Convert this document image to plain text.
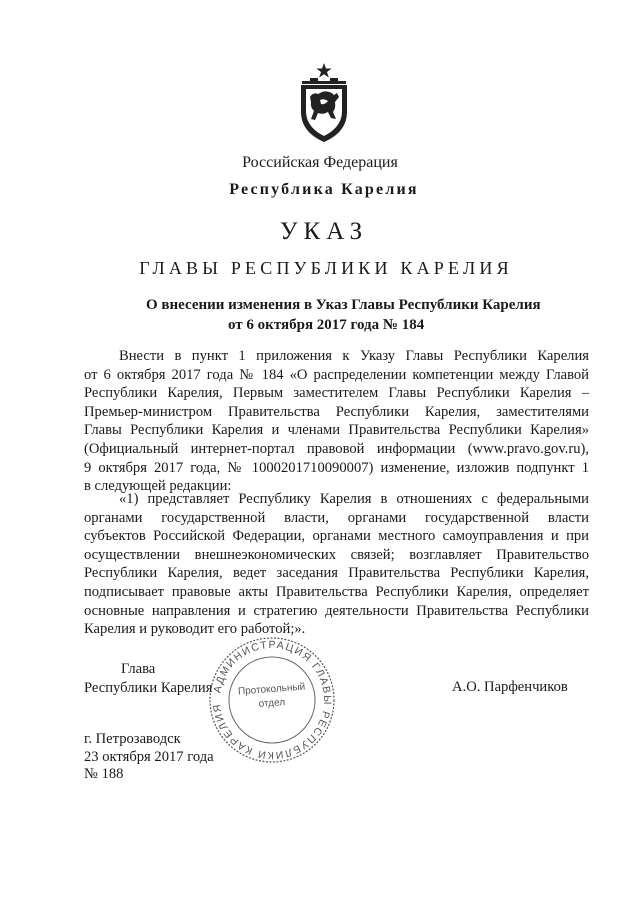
Российская Федерация
Республика Карелия
УКАЗ
ГЛАВЫ РЕСПУБЛИКИ КАРЕЛИЯ
О внесении изменения в Указ Главы Республики Карелия
от 6 октября 2017 года № 184
Внести в пункт 1 приложения к Указу Главы Республики Карелия
от 6 октября 2017 года № 184 «О распределении компетенции между Главой
Республики Карелия, Первым заместителем Главы Республики Карелия –
Премьер-министром Правительства Республики Карелия, заместителями
Главы Республики Карелия и членами Правительства Республики Карелия»
(Официальный интернет-портал правовой информации (www.pravo.gov.ru),
9 октября 2017 года, № 1000201710090007) изменение, изложив подпункт 1
в следующей редакции:
«1) представляет Республику Карелия в отношениях с федеральными
органами государственной власти, органами государственной власти
субъектов Российской Федерации, органами местного самоуправления и при
осуществлении внешнеэкономических связей; возглавляет Правительство
Республики Карелия, ведет заседания Правительства Республики Карелия,
подписывает правовые акты Правительства Республики Карелия, определяет
основные направления и стратегию деятельности Правительства Республики
Карелия и руководит его работой;».
АДМИНИСТРАЦИЯ ГЛАВЫ РЕСПУБЛИКИ КАРЕЛИЯ
Протокольный
отдел
Глава
Республики Карелия	А.О. Парфенчиков
г. Петрозаводск
23 октября 2017 года
№ 188
